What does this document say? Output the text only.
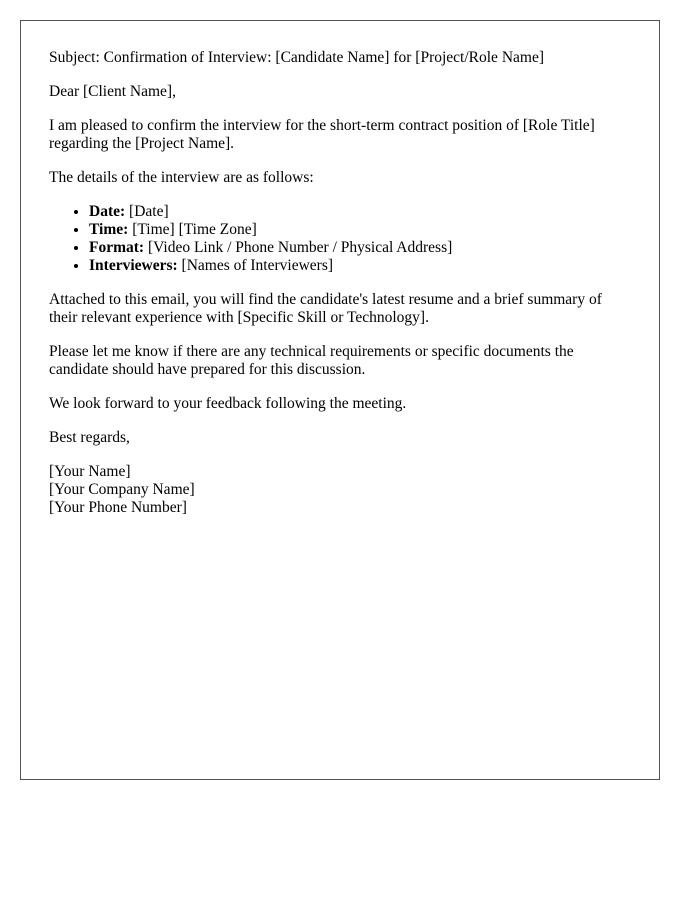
Subject: Confirmation of Interview: [Candidate Name] for [Project/Role Name]

Dear [Client Name],

I am pleased to confirm the interview for the short-term contract position of [Role Title] regarding the [Project Name].

The details of the interview are as follows:

• Date: [Date]
• Time: [Time] [Time Zone]
• Format: [Video Link / Phone Number / Physical Address]
• Interviewers: [Names of Interviewers]

Attached to this email, you will find the candidate's latest resume and a brief summary of their relevant experience with [Specific Skill or Technology].

Please let me know if there are any technical requirements or specific documents the candidate should have prepared for this discussion.

We look forward to your feedback following the meeting.

Best regards,

[Your Name]
[Your Company Name]
[Your Phone Number]
